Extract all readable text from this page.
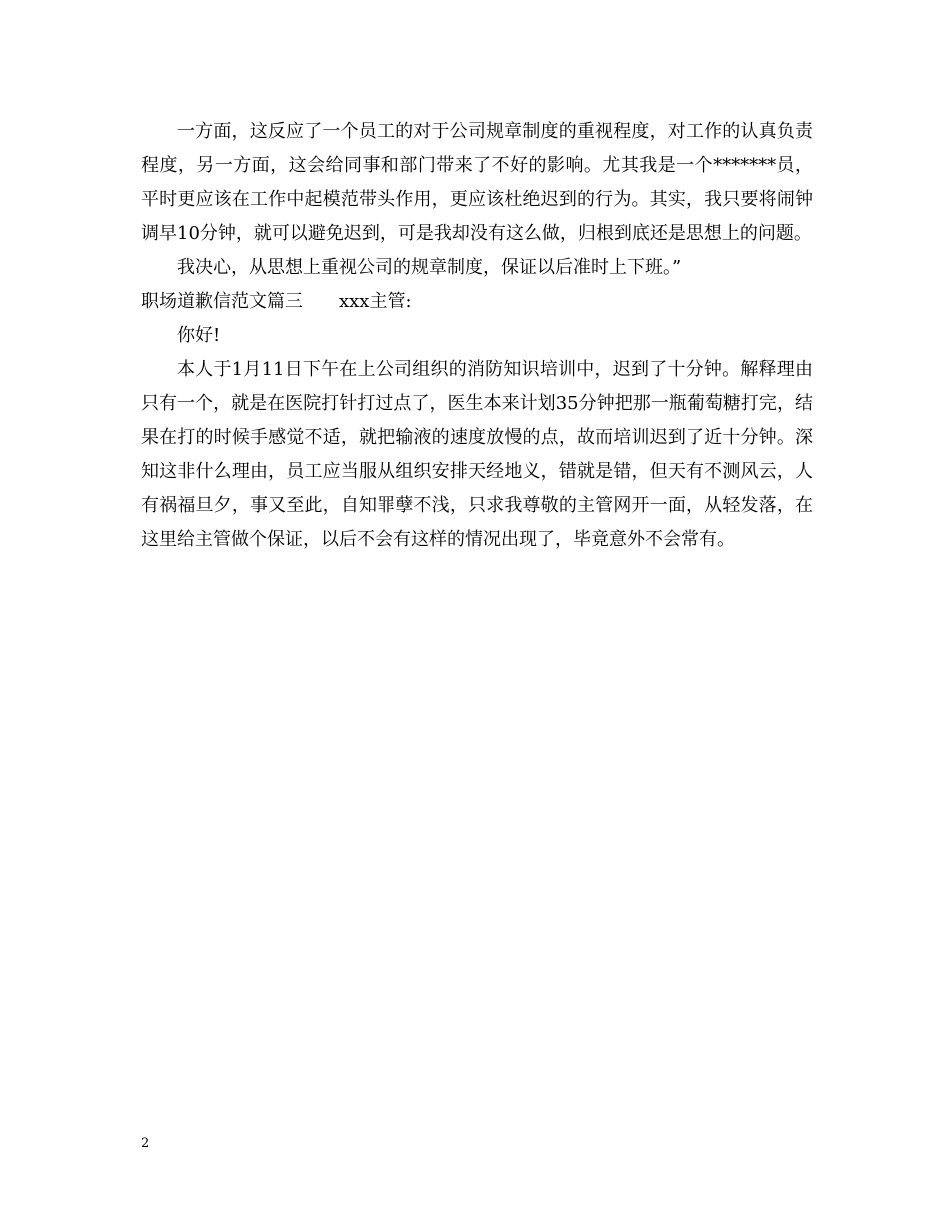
一方面，这反应了一个员工的对于公司规章制度的重视程度，对工作的认真负责程度，另一方面，这会给同事和部门带来了不好的影响。尤其我是一个*******员，平时更应该在工作中起模范带头作用，更应该杜绝迟到的行为。其实，我只要将闹钟调早10分钟，就可以避免迟到，可是我却没有这么做，归根到底还是思想上的问题。

我决心，从思想上重视公司的规章制度，保证以后准时上下班。”

职场道歉信范文篇三 xxx主管:

你好!

本人于1月11日下午在上公司组织的消防知识培训中，迟到了十分钟。解释理由只有一个，就是在医院打针打过点了，医生本来计划35分钟把那一瓶葡萄糖打完，结果在打的时候手感觉不适，就把输液的速度放慢的点，故而培训迟到了近十分钟。深知这非什么理由，员工应当服从组织安排天经地义，错就是错，但天有不测风云，人有祸福旦夕，事又至此，自知罪孽不浅，只求我尊敬的主管网开一面，从轻发落，在这里给主管做个保证，以后不会有这样的情况出现了，毕竟意外不会常有。

2
